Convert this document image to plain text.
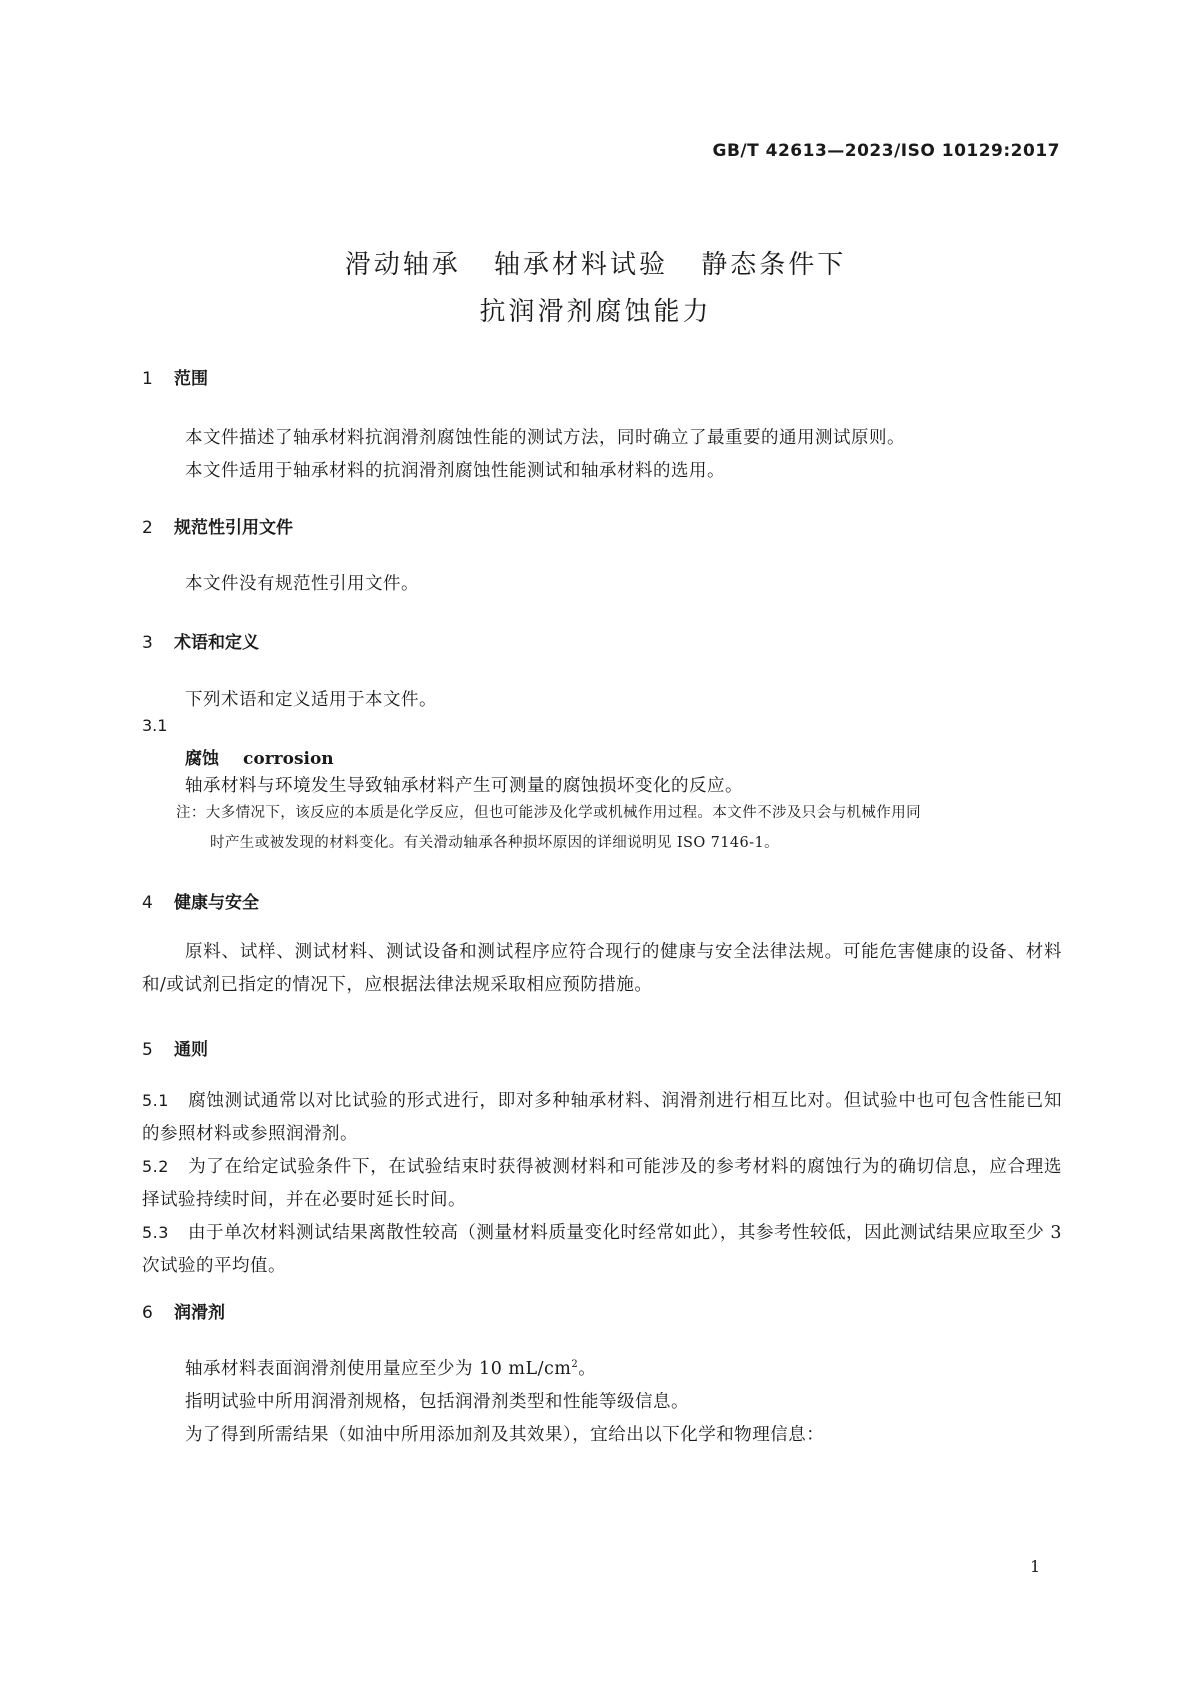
GB/T 42613—2023/ISO 10129:2017
滑动轴承 轴承材料试验 静态条件下
抗润滑剂腐蚀能力
1 范围
本文件描述了轴承材料抗润滑剂腐蚀性能的测试方法，同时确立了最重要的通用测试原则。
本文件适用于轴承材料的抗润滑剂腐蚀性能测试和轴承材料的选用。
2 规范性引用文件
本文件没有规范性引用文件。
3 术语和定义
下列术语和定义适用于本文件。
3.1
腐蚀 corrosion
轴承材料与环境发生导致轴承材料产生可测量的腐蚀损坏变化的反应。
注：大多情况下，该反应的本质是化学反应，但也可能涉及化学或机械作用过程。本文件不涉及只会与机械作用同
时产生或被发现的材料变化。有关滑动轴承各种损坏原因的详细说明见 ISO 7146-1。
4 健康与安全
原料、试样、测试材料、测试设备和测试程序应符合现行的健康与安全法律法规。可能危害健康的设备、材料和/或试剂已指定的情况下，应根据法律法规采取相应预防措施。
5 通则
5.1 腐蚀测试通常以对比试验的形式进行，即对多种轴承材料、润滑剂进行相互比对。但试验中也可包含性能已知的参照材料或参照润滑剂。
5.2 为了在给定试验条件下，在试验结束时获得被测材料和可能涉及的参考材料的腐蚀行为的确切信息，应合理选择试验持续时间，并在必要时延长时间。
5.3 由于单次材料测试结果离散性较高（测量材料质量变化时经常如此），其参考性较低，因此测试结果应取至少 3 次试验的平均值。
6 润滑剂
轴承材料表面润滑剂使用量应至少为 10 $mL/cm^2$。
指明试验中所用润滑剂规格，包括润滑剂类型和性能等级信息。
为了得到所需结果（如油中所用添加剂及其效果），宜给出以下化学和物理信息：
1
